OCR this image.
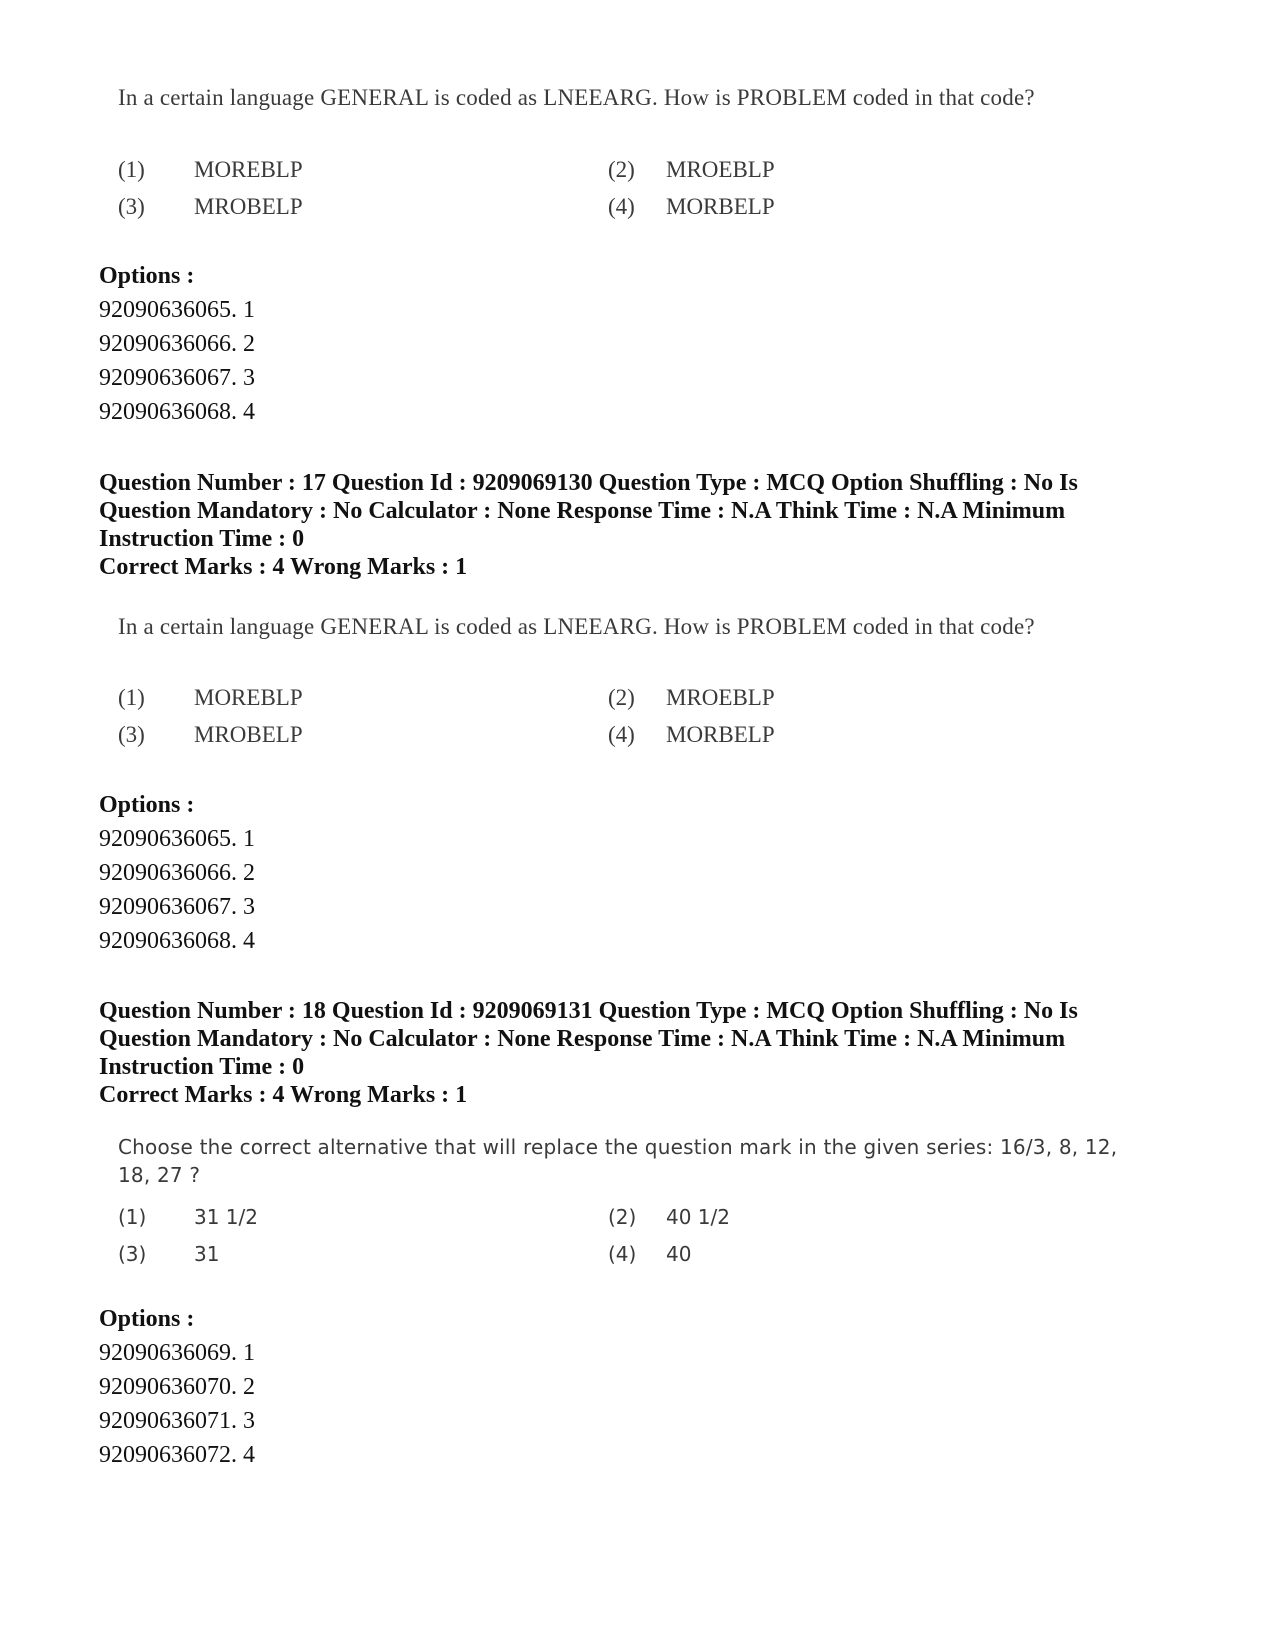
In a certain language GENERAL is coded as LNEEARG. How is PROBLEM coded in that code?
(1) MOREBLP	(2) MROEBLP
(3) MROBELP	(4) MORBELP
Options :
92090636065. 1
92090636066. 2
92090636067. 3
92090636068. 4
Question Number : 17 Question Id : 9209069130 Question Type : MCQ Option Shuffling : No Is Question Mandatory : No Calculator : None Response Time : N.A Think Time : N.A Minimum Instruction Time : 0
Correct Marks : 4 Wrong Marks : 1
In a certain language GENERAL is coded as LNEEARG. How is PROBLEM coded in that code?
(1) MOREBLP	(2) MROEBLP
(3) MROBELP	(4) MORBELP
Options :
92090636065. 1
92090636066. 2
92090636067. 3
92090636068. 4
Question Number : 18 Question Id : 9209069131 Question Type : MCQ Option Shuffling : No Is Question Mandatory : No Calculator : None Response Time : N.A Think Time : N.A Minimum Instruction Time : 0
Correct Marks : 4 Wrong Marks : 1
Choose the correct alternative that will replace the question mark in the given series: 16/3, 8, 12, 18, 27 ?
(1) 31 1/2	(2) 40 1/2
(3) 31	(4) 40
Options :
92090636069. 1
92090636070. 2
92090636071. 3
92090636072. 4
